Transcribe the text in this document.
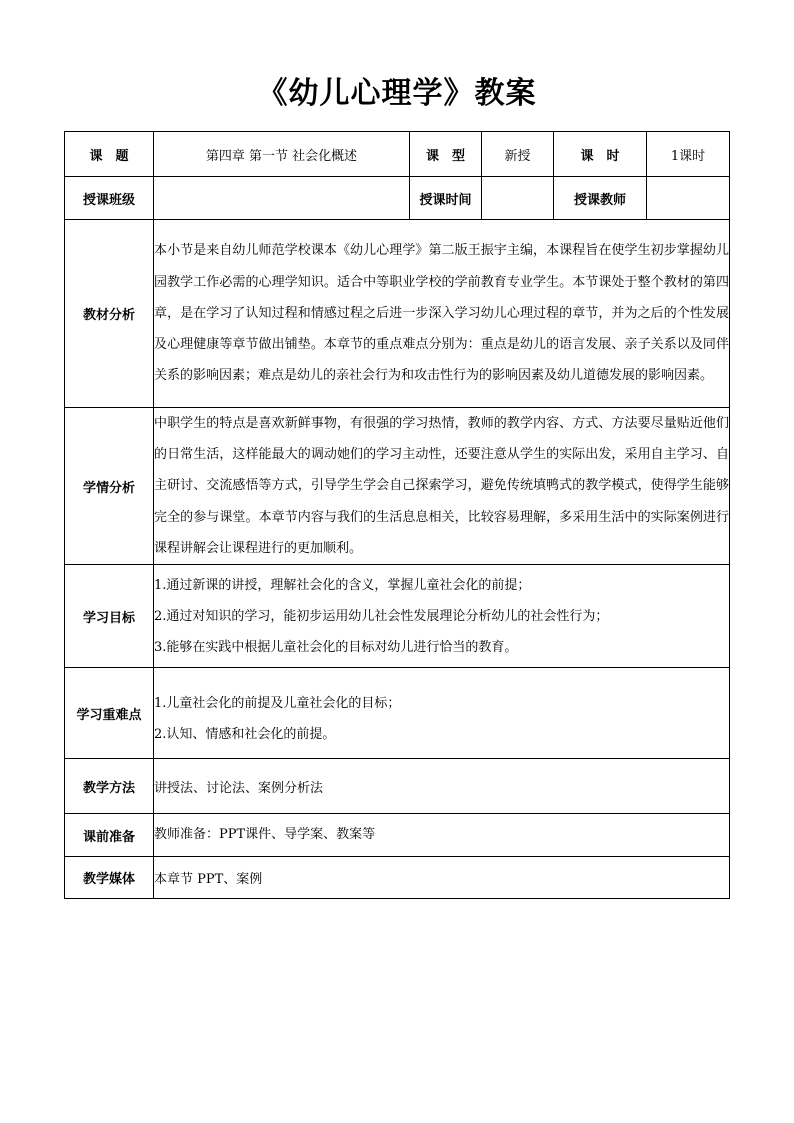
《幼儿心理学》教案
课　题	第四章 第一节 社会化概述	课　型	新授	课　时	1课时
授课班级		授课时间		授课教师	
教材分析	本小节是来自幼儿师范学校课本《幼儿心理学》第二版王振宇主编，本课程旨在使学生初步掌握幼儿园教学工作必需的心理学知识。适合中等职业学校的学前教育专业学生。本节课处于整个教材的第四章，是在学习了认知过程和情感过程之后进一步深入学习幼儿心理过程的章节，并为之后的个性发展及心理健康等章节做出铺垫。本章节的重点难点分别为：重点是幼儿的语言发展、亲子关系以及同伴关系的影响因素；难点是幼儿的亲社会行为和攻击性行为的影响因素及幼儿道德发展的影响因素。				
学情分析	中职学生的特点是喜欢新鲜事物，有很强的学习热情，教师的教学内容、方式、方法要尽量贴近他们的日常生活，这样能最大的调动她们的学习主动性，还要注意从学生的实际出发，采用自主学习、自主研讨、交流感悟等方式，引导学生学会自己探索学习，避免传统填鸭式的教学模式，使得学生能够完全的参与课堂。本章节内容与我们的生活息息相关，比较容易理解，多采用生活中的实际案例进行课程讲解会让课程进行的更加顺利。				
学习目标	1.通过新课的讲授，理解社会化的含义，掌握儿童社会化的前提；
2.通过对知识的学习，能初步运用幼儿社会性发展理论分析幼儿的社会性行为；
3.能够在实践中根据儿童社会化的目标对幼儿进行恰当的教育。				

学习重难点	1.儿童社会化的前提及儿童社会化的目标；
2.认知、情感和社会化的前提。				

教学方法	讲授法、讨论法、案例分析法				
课前准备	教师准备：PPT课件、导学案、教案等				
教学媒体	本章节 PPT、案例				
